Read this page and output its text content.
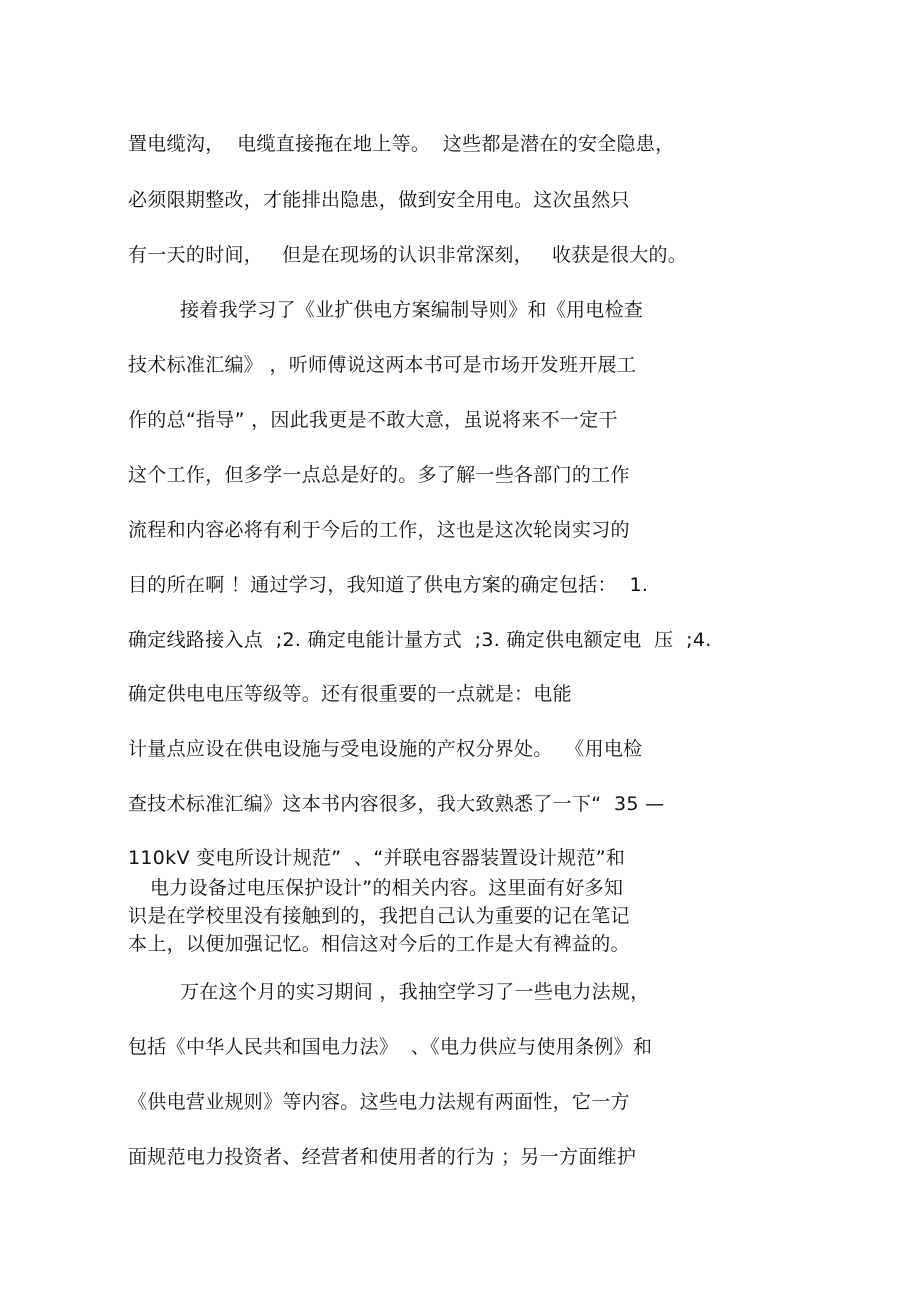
置电缆沟，  电缆直接拖在地上等。  这些都是潜在的安全隐患，
必须限期整改，才能排出隐患，做到安全用电。这次虽然只
有一天的时间，   但是在现场的认识非常深刻，   收获是很大的。
接着我学习了《业扩供电方案编制导则》和《用电检查
技术标准汇编》 ，听师傅说这两本书可是市场开发班开展工
作的总“指导” ，因此我更是不敢大意，虽说将来不一定干
这个工作，但多学一点总是好的。多了解一些各部门的工作
流程和内容必将有利于今后的工作，这也是这次轮岗实习的
目的所在啊 ！通过学习，我知道了供电方案的确定包括：  1.
确定线路接入点  ;2. 确定电能计量方式  ;3. 确定供电额定电  压  ;4.
确定供电电压等级等。还有很重要的一点就是：电能
计量点应设在供电设施与受电设施的产权分界处。  《用电检
查技术标准汇编》这本书内容很多，我大致熟悉了一下“  35 —
110kV 变电所设计规范”  、“并联电容器装置设计规范”和
电力设备过电压保护设计”的相关内容。这里面有好多知
识是在学校里没有接触到的，我把自己认为重要的记在笔记
本上，以便加强记忆。相信这对今后的工作是大有裨益的。
万在这个月的实习期间 ，我抽空学习了一些电力法规，
包括《中华人民共和国电力法》  、《电力供应与使用条例》和
《供电营业规则》等内容。这些电力法规有两面性，它一方
面规范电力投资者、经营者和使用者的行为 ；另一方面维护
